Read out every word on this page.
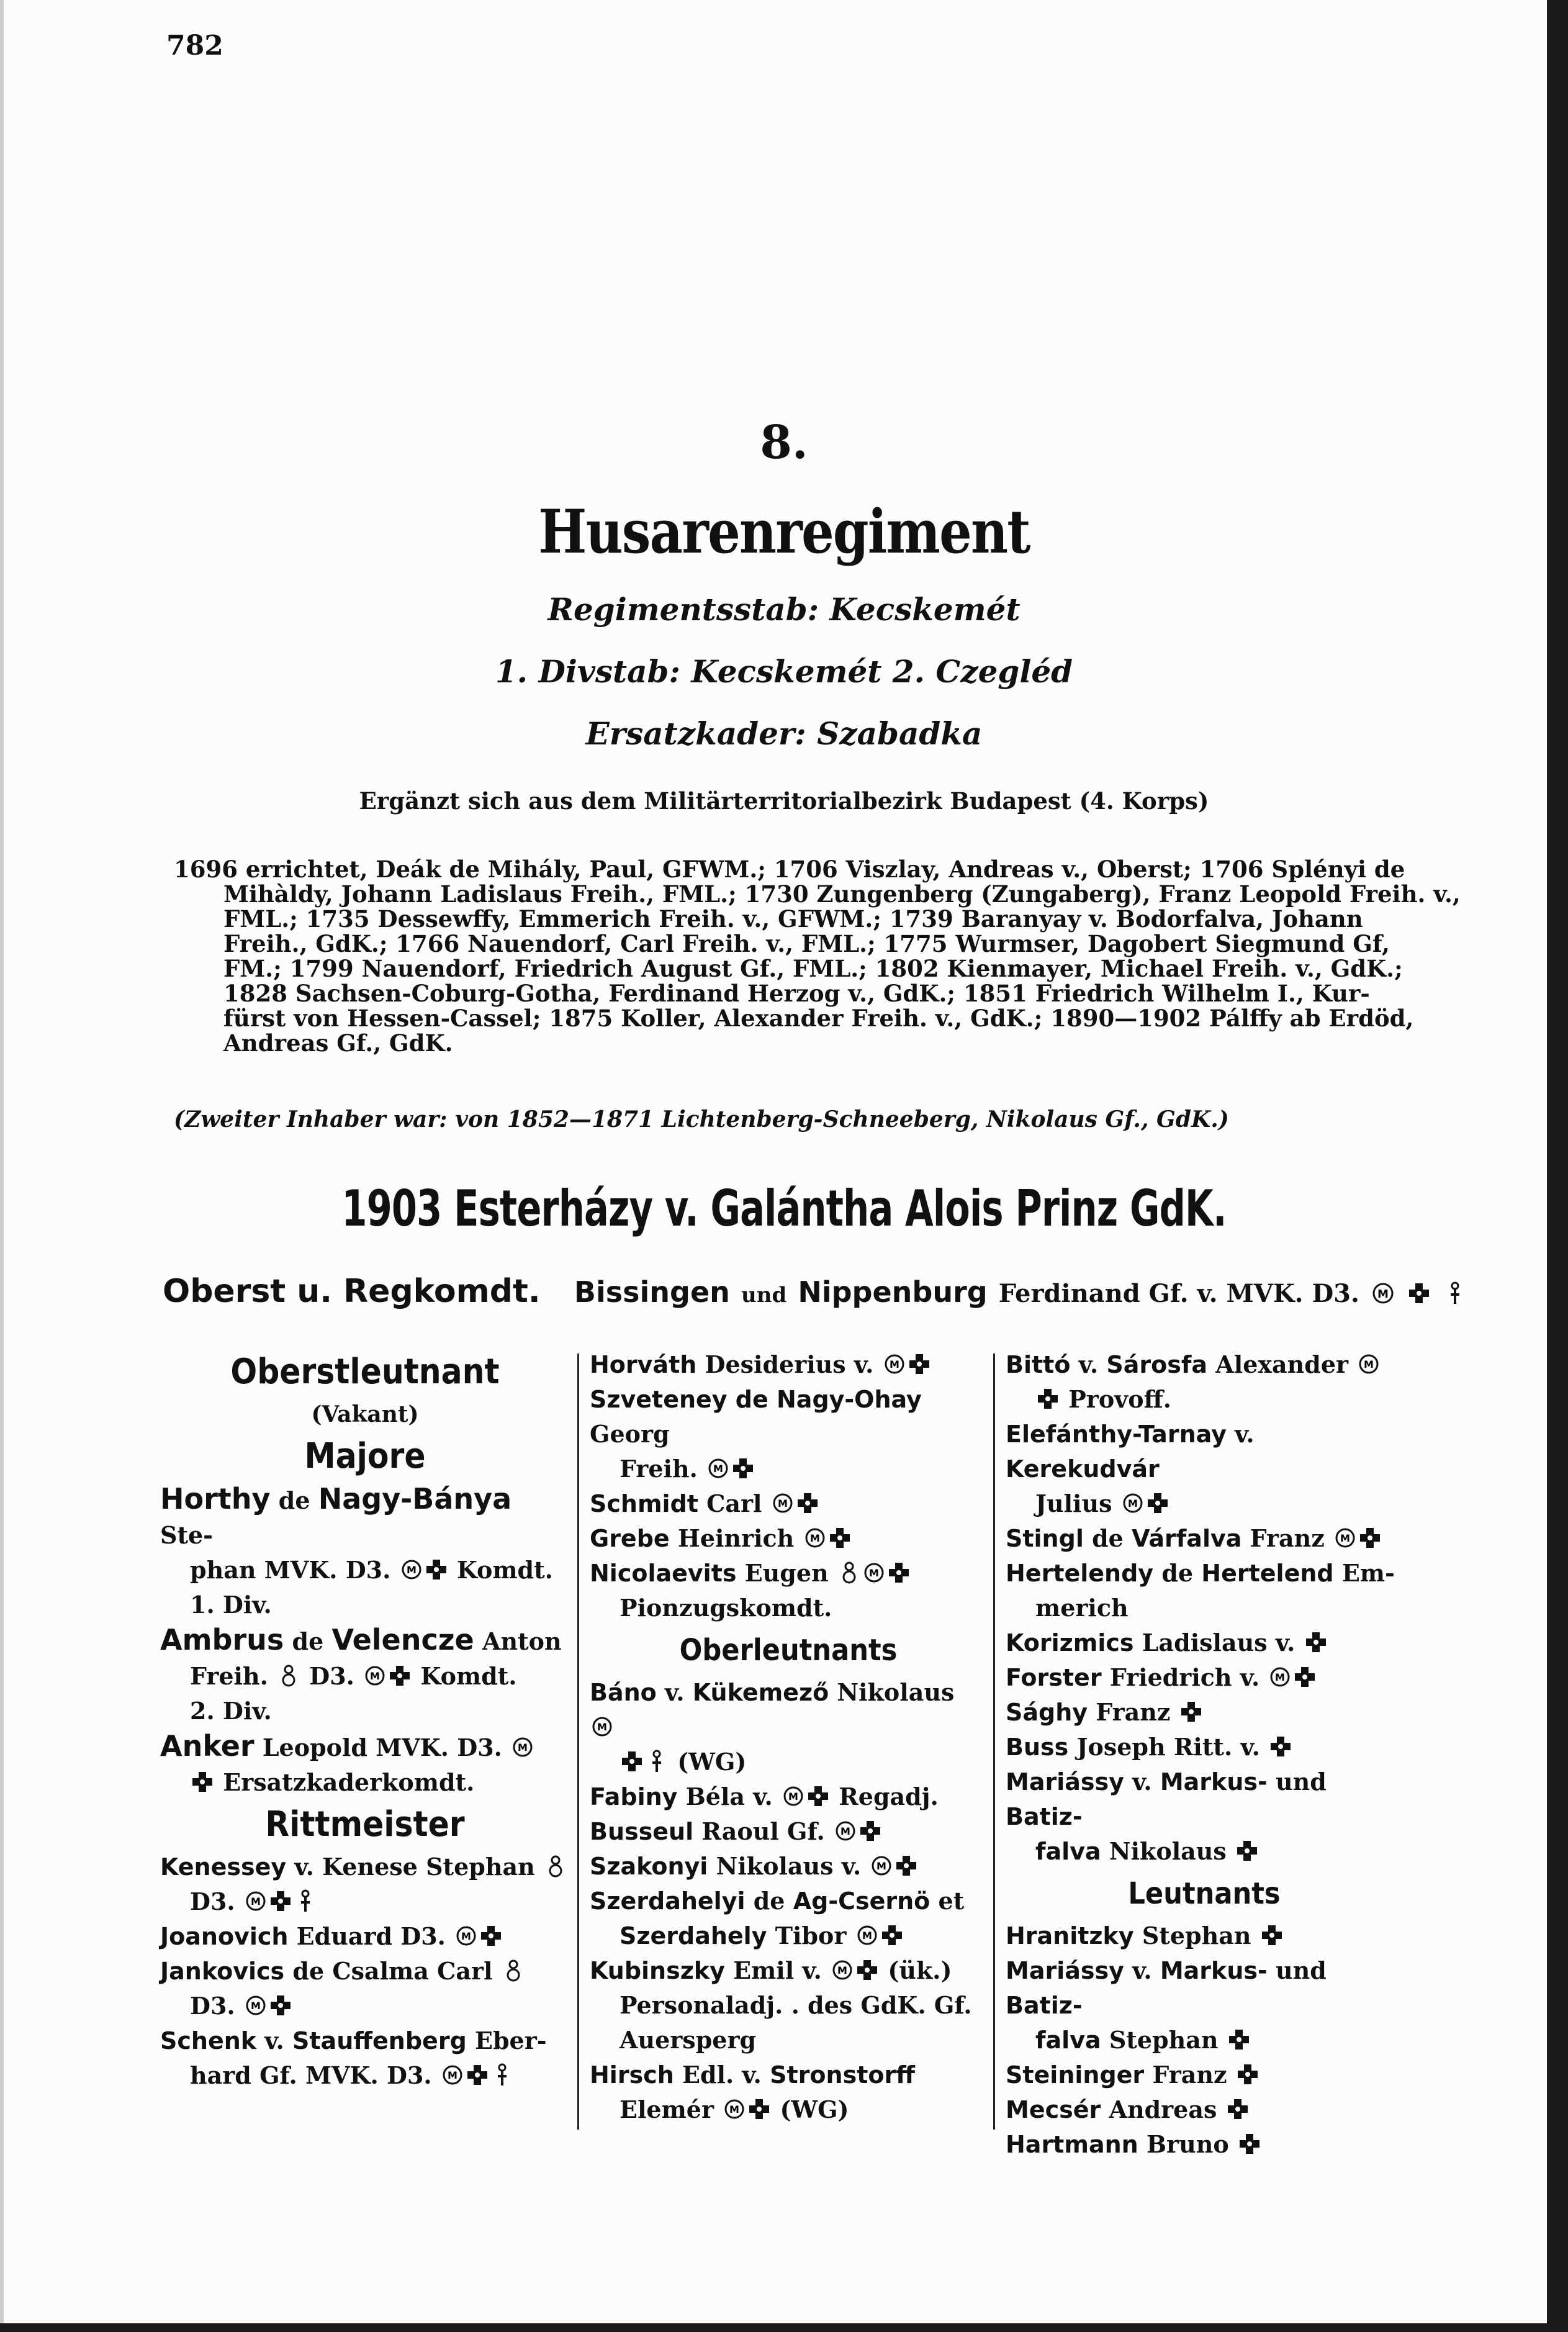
782
8.
Husarenregiment
Regimentsstab: Kecskemét
1. Divstab: Kecskemét 2. Czegléd
Ersatzkader: Szabadka
Ergänzt sich aus dem Militärterritorialbezirk Budapest (4. Korps)
1696 errichtet, Deák de Mihály, Paul, GFWM.; 1706 Viszlay, Andreas v., Oberst; 1706 Splényi de
Mihàldy, Johann Ladislaus Freih., FML.; 1730 Zungenberg (Zungaberg), Franz Leopold Freih. v.,
FML.; 1735 Dessewffy, Emmerich Freih. v., GFWM.; 1739 Baranyay v. Bodorfalva, Johann
Freih., GdK.; 1766 Nauendorf, Carl Freih. v., FML.; 1775 Wurmser, Dagobert Siegmund Gf,
FM.; 1799 Nauendorf, Friedrich August Gf., FML.; 1802 Kienmayer, Michael Freih. v., GdK.;
1828 Sachsen-Coburg-Gotha, Ferdinand Herzog v., GdK.; 1851 Friedrich Wilhelm I., Kur-
fürst von Hessen-Cassel; 1875 Koller, Alexander Freih. v., GdK.; 1890—1902 Pálffy ab Erdöd,
Andreas Gf., GdK.
(Zweiter Inhaber war: von 1852—1871 Lichtenberg-Schneeberg, Nikolaus Gf., GdK.)
1903 Esterházy v. Galántha Alois Prinz GdK.
Oberst u. Regkomdt. Bissingen und Nippenburg Ferdinand Gf. v. MVK. D3. M

Oberstleutnant
(Vakant)
Majore
Horthy de Nagy-Bánya Ste-
phan MVK. D3. M Komdt.
1. Div.
Ambrus de Velencze Anton
Freih. D3. M Komdt.
2. Div.
Anker Leopold MVK. D3. M
Ersatzkaderkomdt.
Rittmeister
Kenessey v. Kenese Stephan
D3. M
Joanovich Eduard D3. M
Jankovics de Csalma Carl
D3. M
Schenk v. Stauffenberg Eber-
hard Gf. MVK. D3. M
Horváth Desiderius v. M
Szveteney de Nagy-Ohay Georg
Freih. M
Schmidt Carl M
Grebe Heinrich M
Nicolaevits Eugen	M
Pionzugskomdt.
Oberleutnants
Báno v. Kükemező Nikolaus
M
(WG)
Fabiny Béla v. M Regadj.
Busseul Raoul Gf. M
Szakonyi Nikolaus v. M
Szerdahelyi de Ag-Csernö et
Szerdahely Tibor M
Kubinszky Emil v. M (ük.)
Personaladj. . des GdK. Gf.
Auersperg
Hirsch Edl. v. Stronstorff
Elemér M (WG)
Bittó v. Sárosfa Alexander M
Provoff.
Elefánthy-Tarnay v. Kerekudvár
Julius M
Stingl de Várfalva Franz M
Hertelendy de Hertelend Em-
merich
Korizmics Ladislaus v.
Forster Friedrich v. M
Sághy Franz
Buss Joseph Ritt. v.
Mariássy v. Markus- und Batiz-
falva Nikolaus
Leutnants
Hranitzky Stephan
Mariássy v. Markus- und Batiz-
falva Stephan
Steininger Franz
Mecsér Andreas
Hartmann Bruno
